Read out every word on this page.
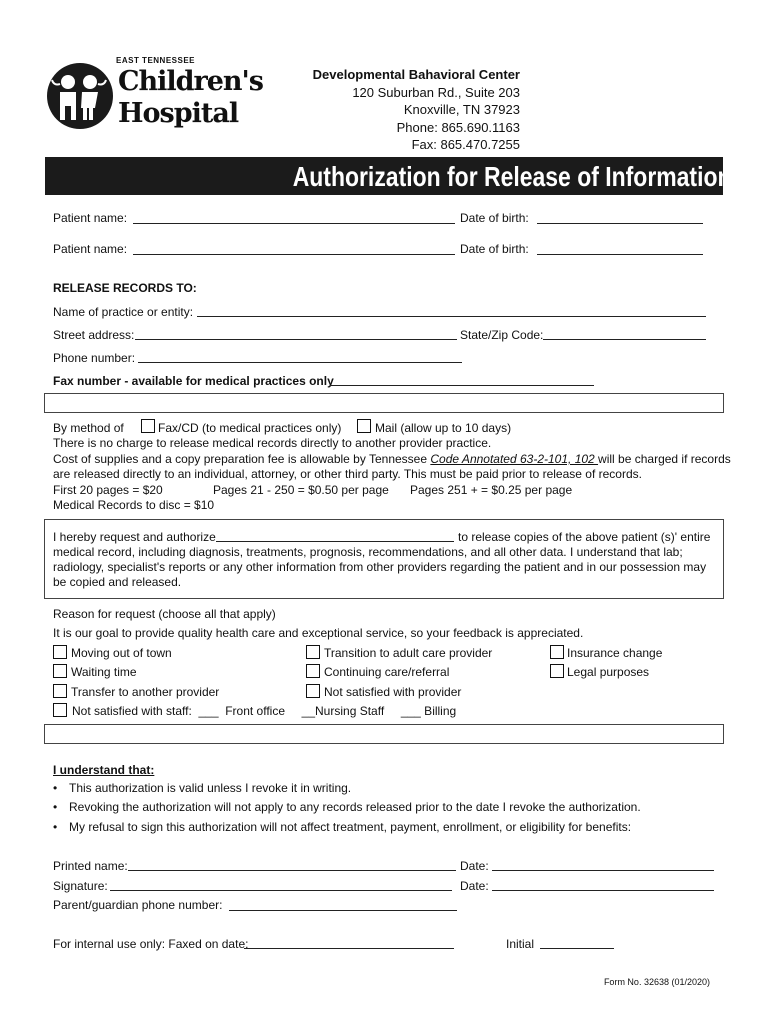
EAST TENNESSEE
Children's
Hospital
Developmental Bahavioral Center
120 Suburban Rd., Suite 203
Knoxville, TN 37923
Phone: 865.690.1163
Fax: 865.470.7255
Authorization for Release of Information
Patient name:	Date of birth:
Patient name:	Date of birth:
RELEASE RECORDS TO:
Name of practice or entity:
Street address:	State/Zip Code:
Phone number:
Fax number - available for medical practices only
By method of	Fax/CD (to medical practices only)	Mail (allow up to 10 days)
There is no charge to release medical records directly to another provider practice.
Cost of supplies and a copy preparation fee is allowable by Tennessee Code Annotated 63-2-101, 102 will be charged if records
are released directly to an individual, attorney, or other third party. This must be paid prior to release of records.
First 20 pages = $20	Pages 21 - 250 = $0.50 per page Pages 251 + = $0.25 per page
Medical Records to disc = $10
I hereby request and authorize	to release copies of the above patient (s)' entire
medical record, including diagnosis, treatments, prognosis, recommendations, and all other data. I understand that lab;
radiology, specialist's reports or any other information from other providers regarding the patient and in our possession may
be copied and released.
Reason for request (choose all that apply)
It is our goal to provide quality health care and exceptional service, so your feedback is appreciated.
Moving out of town	Transition to adult care provider	Insurance change
Waiting time	Continuing care/referral	Legal purposes
Transfer to another provider	Not satisfied with provider
Not satisfied with staff:  ___  Front office     __Nursing Staff     ___ Billing
I understand that:
• This authorization is valid unless I revoke it in writing.
• Revoking the authorization will not apply to any records released prior to the date I revoke the authorization.
• My refusal to sign this authorization will not affect treatment, payment, enrollment, or eligibility for benefits:
Printed name:	Date:
Signature:	Date:
Parent/guardian phone number:
For internal use only: Faxed on date:	Initial
Form No. 32638 (01/2020)
